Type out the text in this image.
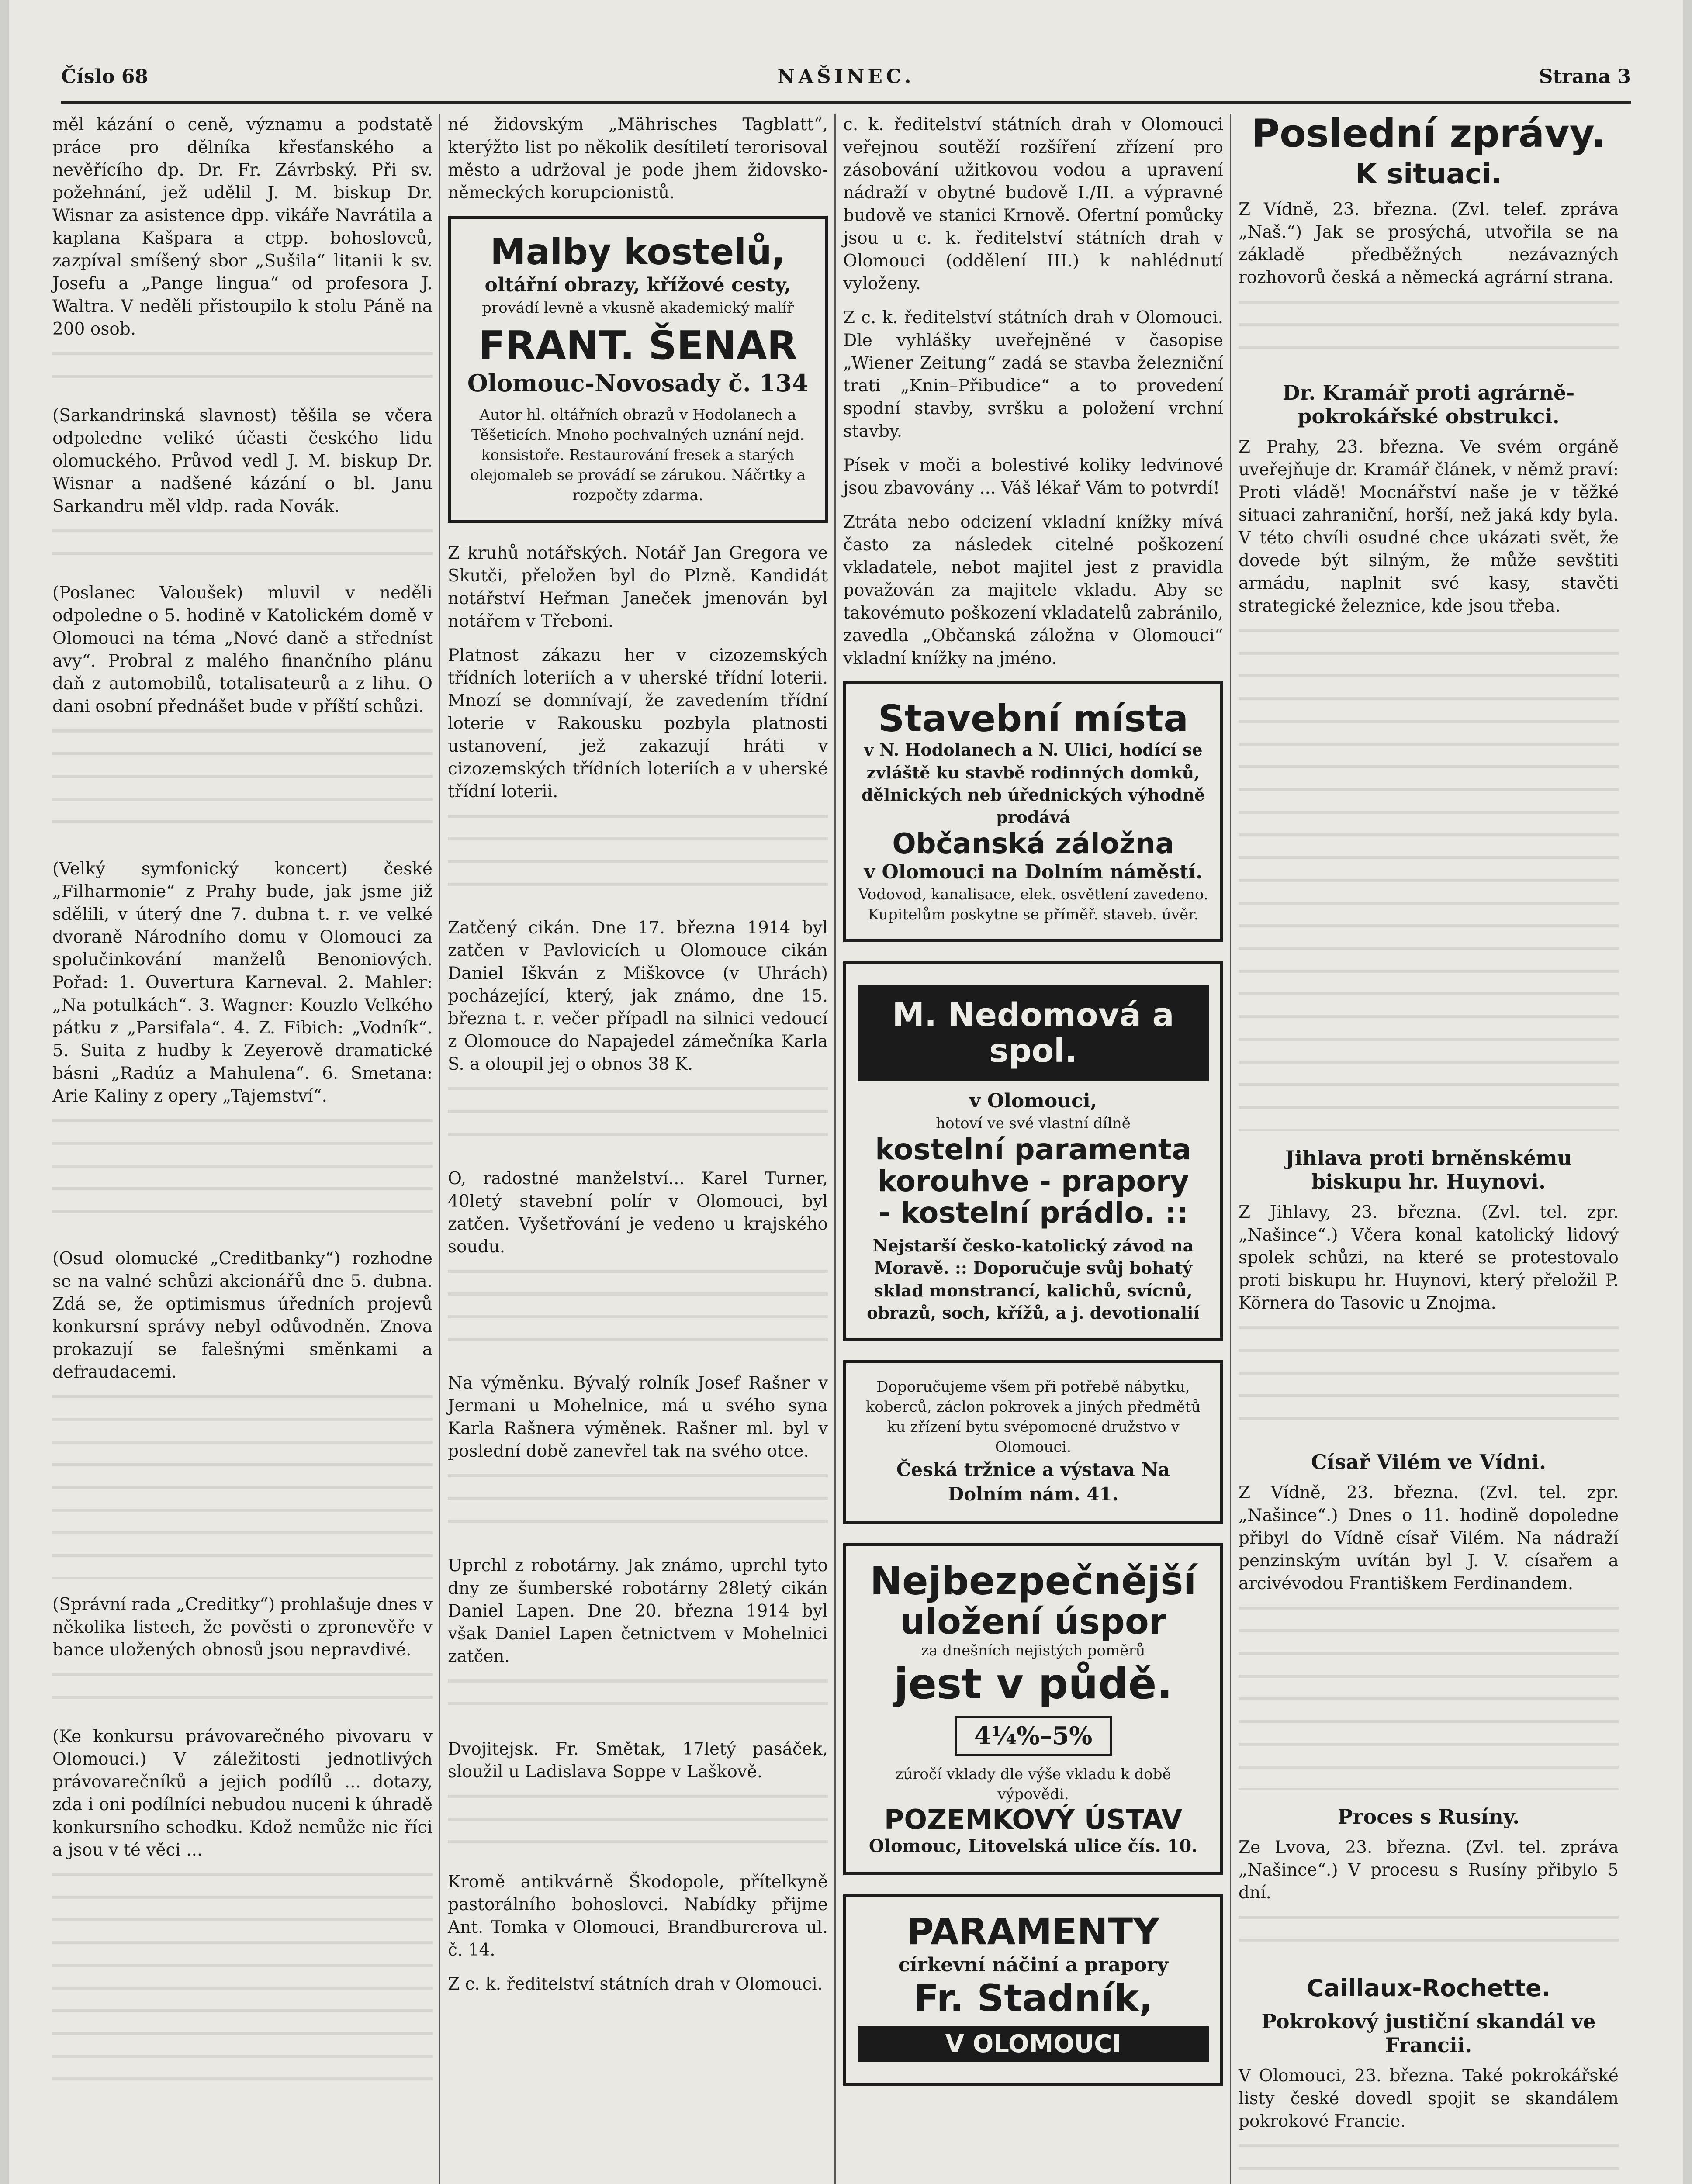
Číslo 68	NAŠINEC.	Strana 3

měl kázání o ceně, významu a podstatě práce pro dělníka křesťanského a nevěřícího dp. Dr. Fr. Závrbský. Při sv. požehnání, jež udělil J. M. biskup Dr. Wisnar za asistence dpp. vikáře Navrátila a kaplana Kašpara a ctpp. bohoslovců, zazpíval smíšený sbor „Sušila“ litanii k sv. Josefu a „Pange lingua“ od profesora J. Waltra. V neděli přistoupilo k stolu Páně na 200 osob.

(Sarkandrinská slavnost) těšila se včera odpoledne veliké účasti českého lidu olomuckého. Průvod vedl J. M. biskup Dr. Wisnar a nadšené kázání o bl. Janu Sarkandru měl vldp. rada Novák.

(Poslanec Valoušek) mluvil v neděli odpoledne o 5. hodině v Katolickém domě v Olomouci na téma „Nové daně a středníst avy“. Probral z malého finančního plánu daň z automobilů, totalisateurů a z lihu. O dani osobní přednášet bude v příští schůzi.

(Velký symfonický koncert) české „Filharmonie“ z Prahy bude, jak jsme již sdělili, v úterý dne 7. dubna t. r. ve velké dvoraně Národního domu v Olomouci za spolučinkování manželů Benoniových. Pořad: 1. Ouvertura Karneval. 2. Mahler: „Na potulkách“. 3. Wagner: Kouzlo Velkého pátku z „Parsifala“. 4. Z. Fibich: „Vodník“. 5. Suita z hudby k Zeyerově dramatické básni „Radúz a Mahulena“. 6. Smetana: Arie Kaliny z opery „Tajemství“.

(Osud olomucké „Creditbanky“) rozhodne se na valné schůzi akcionářů dne 5. dubna. Zdá se, že optimismus úředních projevů konkursní správy nebyl odůvodněn. Znova prokazují se falešnými směnkami a defraudacemi.

(Správní rada „Creditky“) prohlašuje dnes v několika listech, že pověsti o zpronevěře v bance uložených obnosů jsou nepravdivé.

(Ke konkursu právovarečného pivovaru v Olomouci.) V záležitosti jednotlivých právovarečníků a jejich podílů ... dotazy, zda i oni podílníci nebudou nuceni k úhradě konkursního schodku. Kdož nemůže nic říci a jsou v té věci ...

né židovským „Mährisches Tagblatt“, kterýžto list po několik desítiletí terorisoval město a udržoval je pode jhem židovsko-německých korupcionistů.

Malby kostelů,
oltářní obrazy, křížové cesty,
provádí levně a vkusně akademický malíř
FRANT. ŠENAR
Olomouc-Novosady č. 134
Autor hl. oltářních obrazů v Hodolanech a Těšeticích. Mnoho pochvalných uznání nejd. konsistoře. Restaurování fresek a starých olejomaleb se provádí se zárukou. Náčrtky a rozpočty zdarma.

Z kruhů notářských. Notář Jan Gregora ve Skutči, přeložen byl do Plzně. Kandidát notářství Heřman Janeček jmenován byl notářem v Třeboni.

Platnost zákazu her v cizozemských třídních loteriích a v uherské třídní loterii. Mnozí se domnívají, že zavedením třídní loterie v Rakousku pozbyla platnosti ustanovení, jež zakazují hráti v cizozemských třídních loteriích a v uherské třídní loterii.

Zatčený cikán. Dne 17. března 1914 byl zatčen v Pavlovicích u Olomouce cikán Daniel Iškván z Miškovce (v Uhrách) pocházející, který, jak známo, dne 15. března t. r. večer případl na silnici vedoucí z Olomouce do Napajedel zámečníka Karla S. a oloupil jej o obnos 38 K.

O, radostné manželství... Karel Turner, 40letý stavební polír v Olomouci, byl zatčen. Vyšetřování je vedeno u krajského soudu.

Na výměnku. Bývalý rolník Josef Rašner v Jermani u Mohelnice, má u svého syna Karla Rašnera výměnek. Rašner ml. byl v poslední době zanevřel tak na svého otce.

Uprchl z robotárny. Jak známo, uprchl tyto dny ze šumberské robotárny 28letý cikán Daniel Lapen. Dne 20. března 1914 byl však Daniel Lapen četnictvem v Mohelnici zatčen.

Dvojitejsk. Fr. Smětak, 17letý pasáček, sloužil u Ladislava Soppe v Laškově.

Kromě antikvárně Škodopole, přítelkyně pastorálního bohoslovci. Nabídky přijme Ant. Tomka v Olomouci, Brandburerova ul. č. 14.

Z c. k. ředitelství státních drah v Olomouci.

c. k. ředitelství státních drah v Olomouci veřejnou soutěží rozšíření zřízení pro zásobování užitkovou vodou a upravení nádraží v obytné budově I./II. a výpravné budově ve stanici Krnově. Ofertní pomůcky jsou u c. k. ředitelství státních drah v Olomouci (oddělení III.) k nahlédnutí vyloženy.

Z c. k. ředitelství státních drah v Olomouci. Dle vyhlášky uveřejněné v časopise „Wiener Zeitung“ zadá se stavba železniční trati „Knin–Přibudice“ a to provedení spodní stavby, svršku a položení vrchní stavby.

Písek v moči a bolestivé koliky ledvinové jsou zbavovány ... Váš lékař Vám to potvrdí!

Ztráta nebo odcizení vkladní knížky mívá často za následek citelné poškození vkladatele, nebot majitel jest z pravidla považován za majitele vkladu. Aby se takovémuto poškození vkladatelů zabránilo, zavedla „Občanská záložna v Olomouci“ vkladní knížky na jméno.

Stavební místa
v N. Hodolanech a N. Ulici, hodící se zvláště ku stavbě rodinných domků, dělnických neb úřednických výhodně prodává
Občanská záložna
v Olomouci na Dolním náměstí.
Vodovod, kanalisace, elek. osvětlení zavedeno. Kupitelům poskytne se příměř. staveb. úvěr.
M. Nedomová a spol.
v Olomouci,
hotoví ve své vlastní dílně
kostelní paramenta
korouhve - prapory
- kostelní prádlo. ::
Nejstarší česko-katolický závod na Moravě. :: Doporučuje svůj bohatý sklad monstrancí, kalichů, svícnů, obrazů, soch, křížů, a j. devotionalií
Doporučujeme všem při potřebě nábytku, koberců, záclon pokrovek a jiných předmětů ku zřízení bytu svépomocné družstvo v Olomouci.
Česká tržnice a výstava Na Dolním nám. 41.
Nejbezpečnější
uložení úspor
za dnešních nejistých poměrů
jest v půdě.
4¼%–5%
zúročí vklady dle výše vkladu k době výpovědi.
POZEMKOVÝ ÚSTAV
Olomouc, Litovelská ulice čís. 10.
PARAMENTY
církevní náčiní a prapory
Fr. Stadník,
V OLOMOUCI
Poslední zprávy.
K situaci.

Z Vídně, 23. března. (Zvl. telef. zpráva „Naš.“) Jak se prosýchá, utvořila se na základě předběžných nezávazných rozhovorů česká a německá agrární strana.

Dr. Kramář proti agrárně-pokrokářské obstrukci.

Z Prahy, 23. března. Ve svém orgáně uveřejňuje dr. Kramář článek, v němž praví: Proti vládě! Mocnářství naše je v těžké situaci zahraniční, horší, než jaká kdy byla. V této chvíli osudné chce ukázati svět, že dovede být silným, že může sevštiti armádu, naplnit své kasy, stavěti strategické železnice, kde jsou třeba.

Jihlava proti brněnskému biskupu hr. Huynovi.

Z Jihlavy, 23. března. (Zvl. tel. zpr. „Našince“.) Včera konal katolický lidový spolek schůzi, na které se protestovalo proti biskupu hr. Huynovi, který přeložil P. Körnera do Tasovic u Znojma.

Císař Vilém ve Vídni.

Z Vídně, 23. března. (Zvl. tel. zpr. „Našince“.) Dnes o 11. hodině dopoledne přibyl do Vídně císař Vilém. Na nádraží penzinským uvítán byl J. V. císařem a arcivévodou Františkem Ferdinandem.

Proces s Rusíny.

Ze Lvova, 23. března. (Zvl. tel. zpráva „Našince“.) V procesu s Rusíny přibylo 5 dní.

Caillaux-Rochette.
Pokrokový justiční skandál ve Francii.

V Olomouci, 23. března. Také pokrokářské listy české dovedl spojit se skandálem pokrokové Francie.
